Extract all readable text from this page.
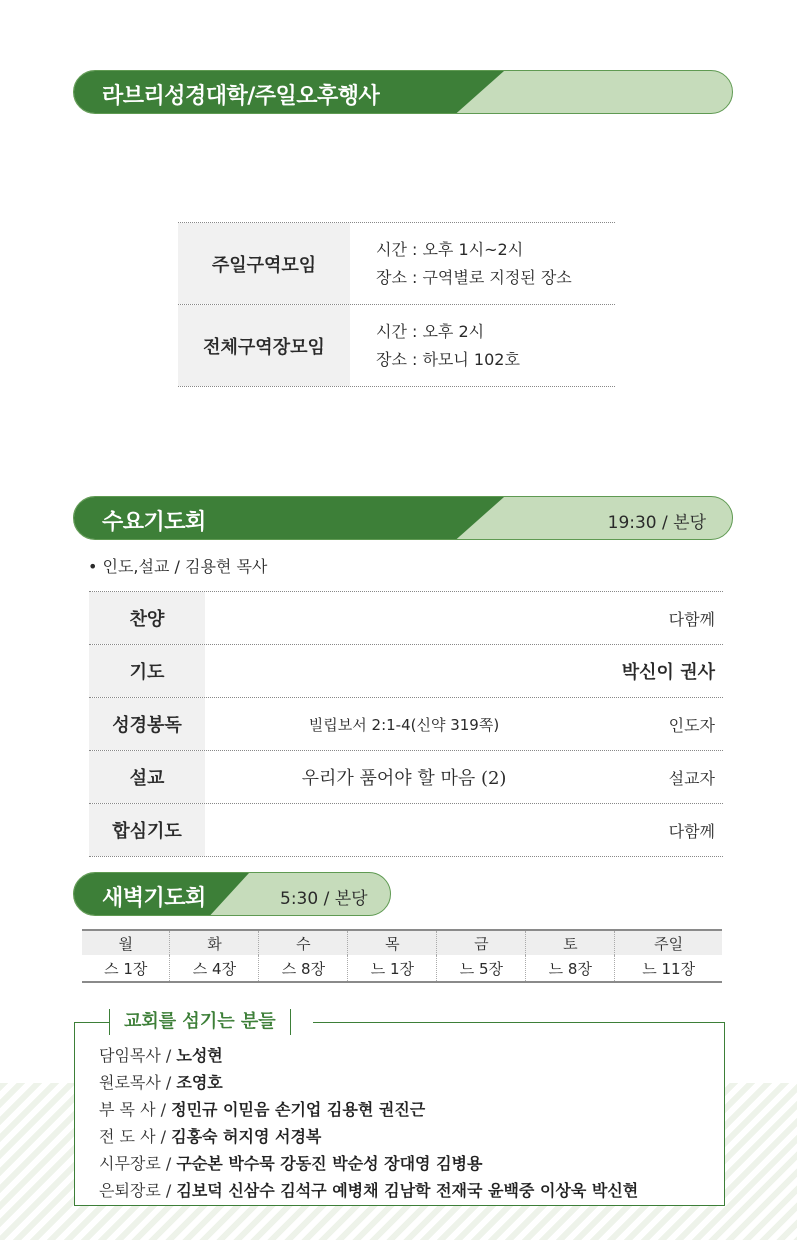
라브리성경대학/주일오후행사
주일구역모임
시간 : 오후 1시~2시
장소 : 구역별로 지정된 장소
전체구역장모임
시간 : 오후 2시
장소 : 하모니 102호
수요기도회	19:30 / 본당
• 인도,설교 / 김용현 목사
찬양	다함께
기도	박신이 권사
성경봉독	빌립보서 2:1-4(신약 319쪽)	인도자
설교	우리가 품어야 할 마음 (2)	설교자
합심기도	다함께
새벽기도회	5:30 / 본당
월	화	수	목	금	토	주일
스 1장	스 4장	스 8장	느 1장	느 5장	느 8장	느 11장
교회를 섬기는 분들
담임목사 / 노성현
원로목사 / 조영호
부 목 사 / 정민규 이믿음 손기업 김용현 권진근
전 도 사 / 김홍숙 허지영 서경복
시무장로 / 구순본 박수묵 강동진 박순성 장대영 김병용
은퇴장로 / 김보덕 신삼수 김석구 예병채 김남학 전재국 윤백중 이상욱 박신현
